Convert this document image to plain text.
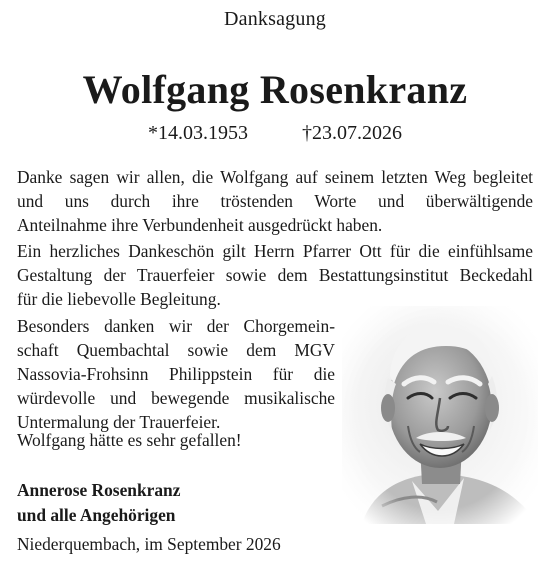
Danksagung
Wolfgang Rosenkranz
*14.03.1953	†23.07.2026
Danke sagen wir allen, die Wolfgang auf seinem letzten Weg begleitet
und uns durch ihre tröstenden Worte und überwältigende
Anteilnahme ihre Verbundenheit ausgedrückt haben.
Ein herzliches Dankeschön gilt Herrn Pfarrer Ott für die einfühlsame
Gestaltung der Trauerfeier sowie dem Bestattungsinstitut Beckedahl
für die liebevolle Begleitung.
Besonders danken wir der Chorgemein-
schaft Quembachtal sowie dem MGV
Nassovia-Frohsinn Philippstein für die
würdevolle und bewegende musikalische
Untermalung der Trauerfeier.
Wolfgang hätte es sehr gefallen!
Annerose Rosenkranz
und alle Angehörigen
Niederquembach, im September 2026
